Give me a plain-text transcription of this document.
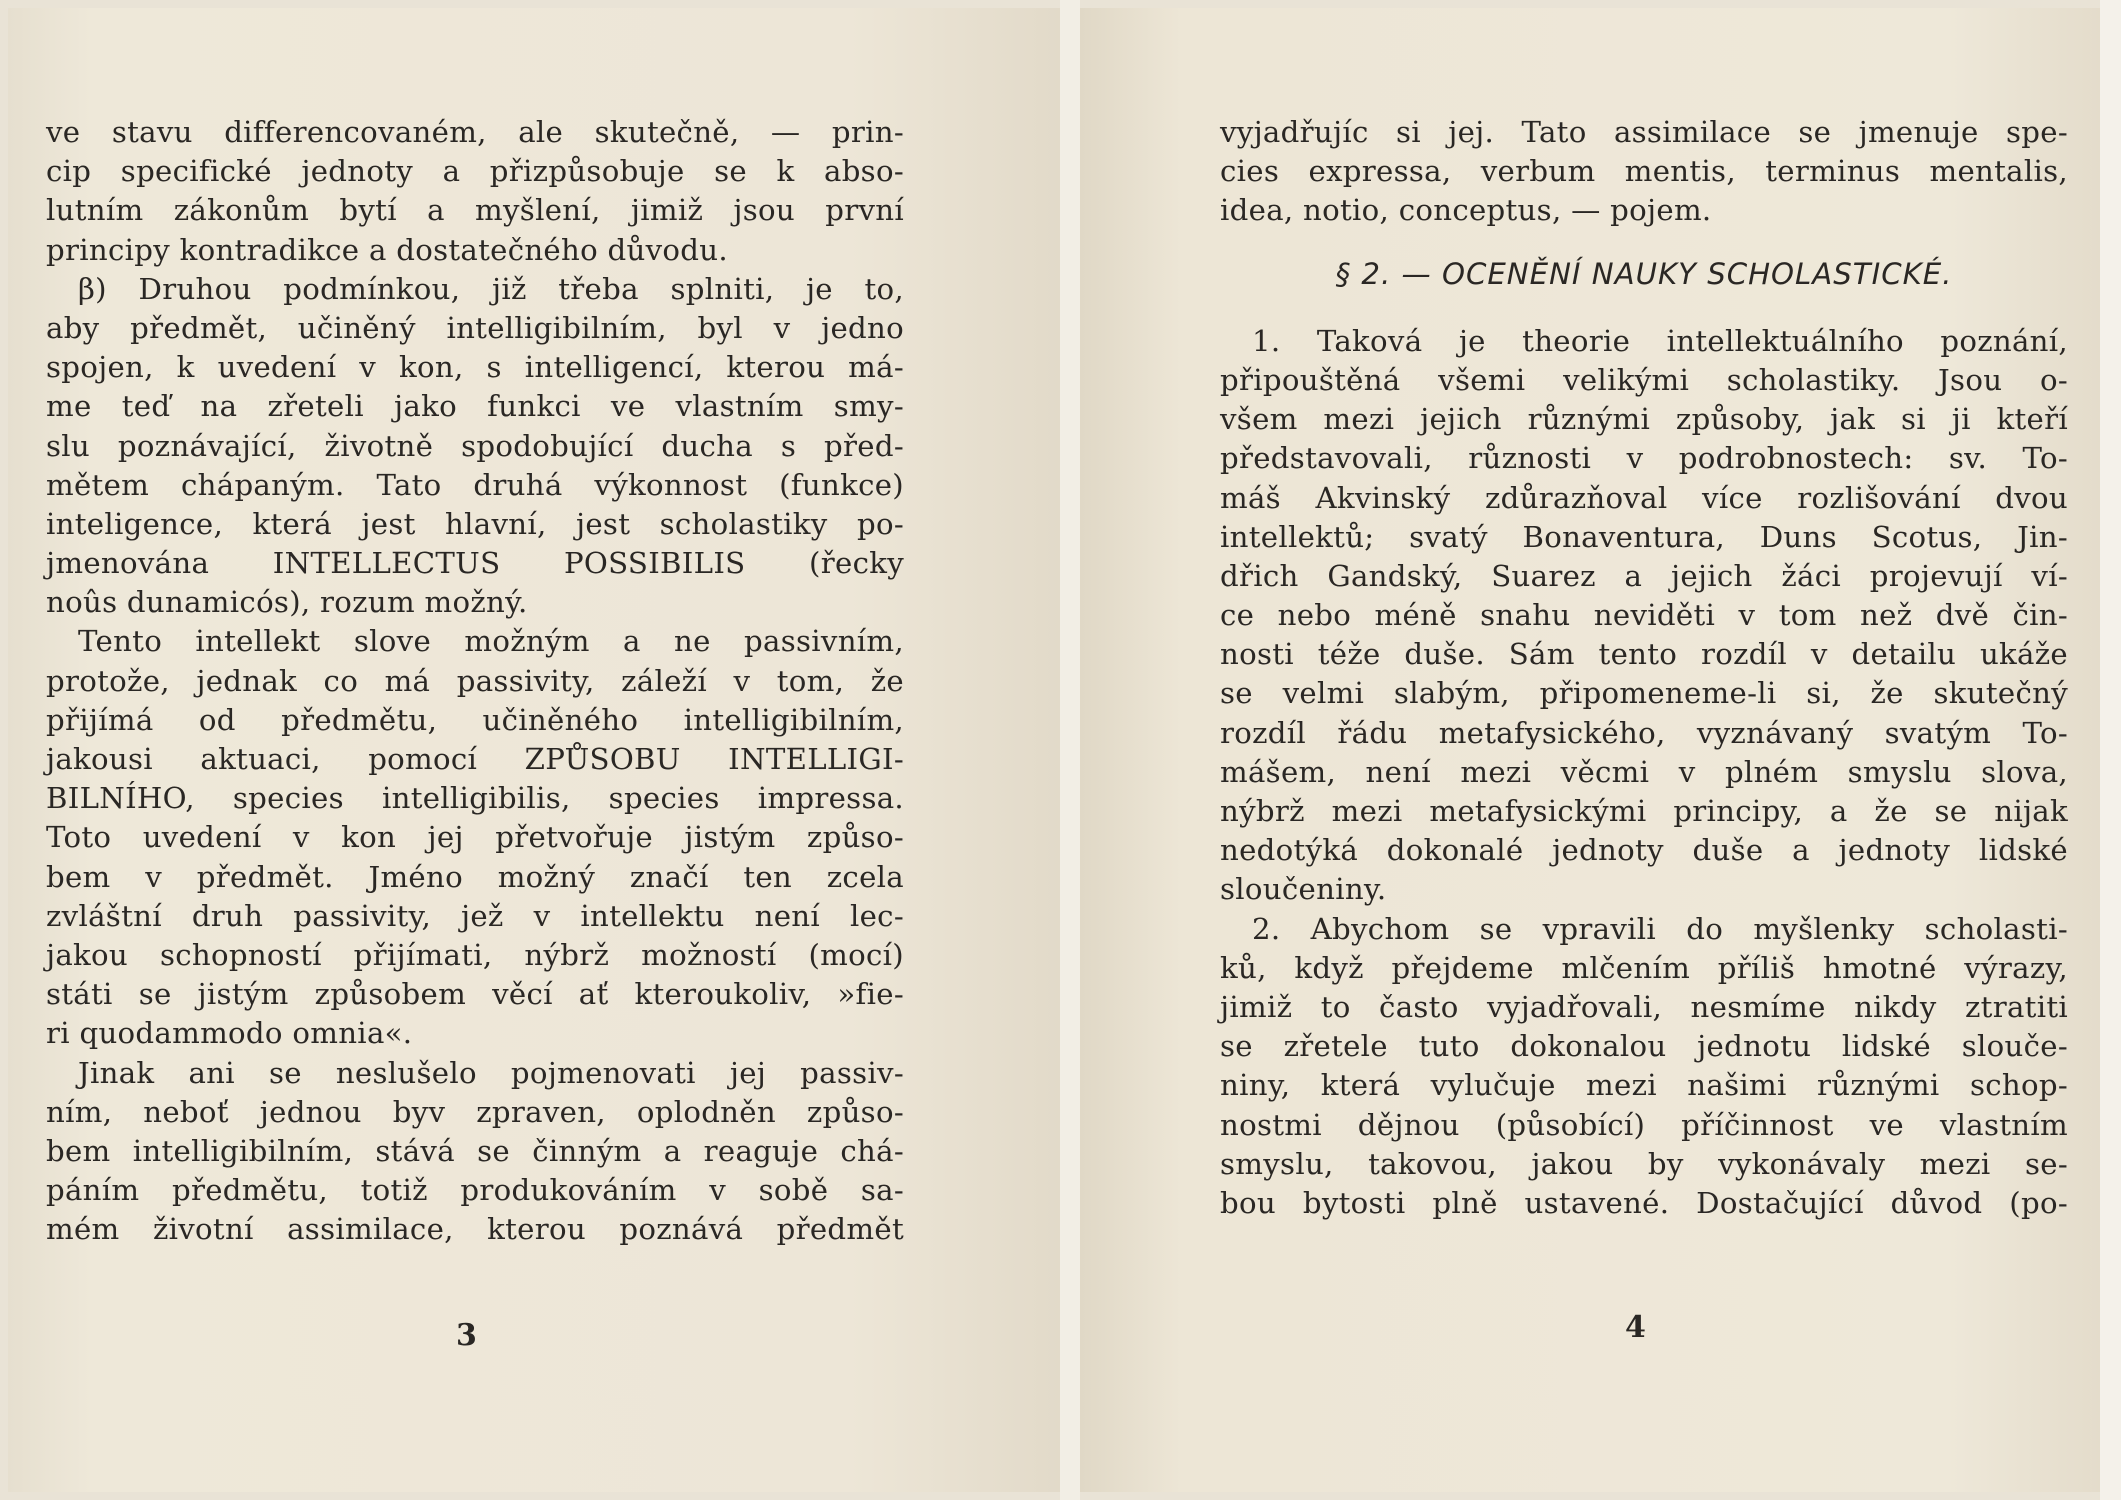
ve stavu differencovaném, ale skutečně, — prin-
cip specifické jednoty a přizpůsobuje se k abso-
lutním zákonům bytí a myšlení, jimiž jsou první
principy kontradikce a dostatečného důvodu.
β) Druhou podmínkou, již třeba splniti, je to,
aby předmět, učiněný intelligibilním, byl v jedno
spojen, k uvedení v kon, s intelligencí, kterou má-
me teď na zřeteli jako funkci ve vlastním smy-
slu poznávající, životně spodobující ducha s před-
mětem chápaným. Tato druhá výkonnost (funkce)
inteligence, která jest hlavní, jest scholastiky po-
jmenována INTELLECTUS POSSIBILIS (řecky
noûs dunamicós), rozum možný.
Tento intellekt slove možným a ne passivním,
protože, jednak co má passivity, záleží v tom, že
přijímá od předmětu, učiněného intelligibilním,
jakousi aktuaci, pomocí ZPŮSOBU INTELLIGI-
BILNÍHO, species intelligibilis, species impressa.
Toto uvedení v kon jej přetvořuje jistým způso-
bem v předmět. Jméno možný značí ten zcela
zvláštní druh passivity, jež v intellektu není lec-
jakou schopností přijímati, nýbrž možností (mocí)
státi se jistým způsobem věcí ať kteroukoliv, »fie-
ri quodammodo omnia«.
Jinak ani se neslušelo pojmenovati jej passiv-
ním, neboť jednou byv zpraven, oplodněn způso-
bem intelligibilním, stává se činným a reaguje chá-
páním předmětu, totiž produkováním v sobě sa-
mém životní assimilace, kterou poznává předmět
3
vyjadřujíc si jej. Tato assimilace se jmenuje spe-
cies expressa, verbum mentis, terminus mentalis,
idea, notio, conceptus, — pojem.
§ 2. — OCENĚNÍ NAUKY SCHOLASTICKÉ.
1. Taková je theorie intellektuálního poznání,
připouštěná všemi velikými scholastiky. Jsou o-
všem mezi jejich různými způsoby, jak si ji kteří
představovali, různosti v podrobnostech: sv. To-
máš Akvinský zdůrazňoval více rozlišování dvou
intellektů; svatý Bonaventura, Duns Scotus, Jin-
dřich Gandský, Suarez a jejich žáci projevují ví-
ce nebo méně snahu neviděti v tom než dvě čin-
nosti téže duše. Sám tento rozdíl v detailu ukáže
se velmi slabým, připomeneme-li si, že skutečný
rozdíl řádu metafysického, vyznávaný svatým To-
mášem, není mezi věcmi v plném smyslu slova,
nýbrž mezi metafysickými principy, a že se nijak
nedotýká dokonalé jednoty duše a jednoty lidské
sloučeniny.
2. Abychom se vpravili do myšlenky scholasti-
ků, když přejdeme mlčením příliš hmotné výrazy,
jimiž to často vyjadřovali, nesmíme nikdy ztratiti
se zřetele tuto dokonalou jednotu lidské slouče-
niny, která vylučuje mezi našimi různými schop-
nostmi dějnou (působící) příčinnost ve vlastním
smyslu, takovou, jakou by vykonávaly mezi se-
bou bytosti plně ustavené. Dostačující důvod (po-
4
